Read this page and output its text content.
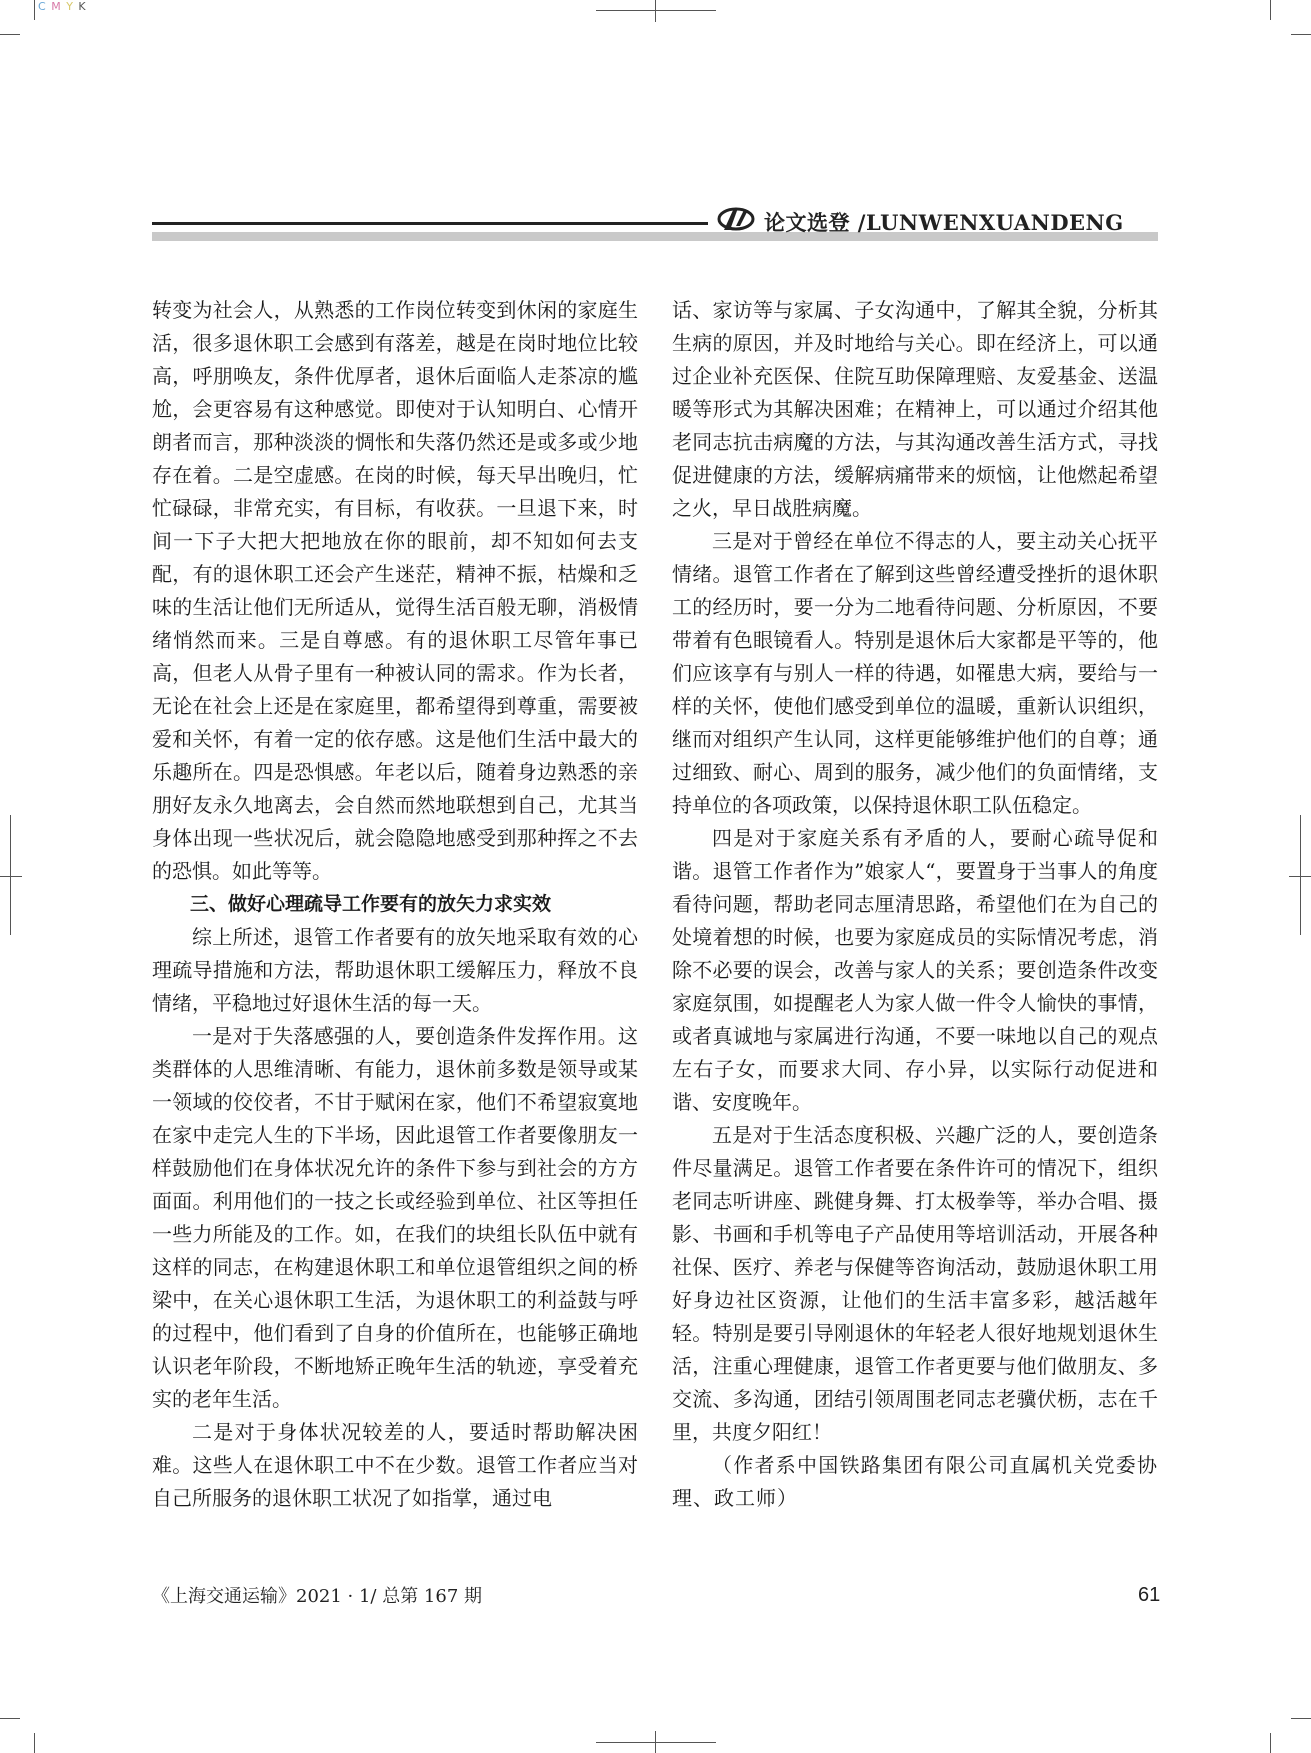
C M Y K
论文选登 /LUNWENXUANDENG

转变为社会人，从熟悉的工作岗位转变到休闲的家庭生活，很多退休职工会感到有落差，越是在岗时地位比较高，呼朋唤友，条件优厚者，退休后面临人走茶凉的尴尬，会更容易有这种感觉。即使对于认知明白、心情开朗者而言，那种淡淡的惆怅和失落仍然还是或多或少地存在着。二是空虚感。在岗的时候，每天早出晚归，忙忙碌碌，非常充实，有目标，有收获。一旦退下来，时间一下子大把大把地放在你的眼前，却不知如何去支配，有的退休职工还会产生迷茫，精神不振，枯燥和乏味的生活让他们无所适从，觉得生活百般无聊，消极情绪悄然而来。三是自尊感。有的退休职工尽管年事已高，但老人从骨子里有一种被认同的需求。作为长者，无论在社会上还是在家庭里，都希望得到尊重，需要被爱和关怀，有着一定的依存感。这是他们生活中最大的乐趣所在。四是恐惧感。年老以后，随着身边熟悉的亲朋好友永久地离去，会自然而然地联想到自己，尤其当身体出现一些状况后，就会隐隐地感受到那种挥之不去的恐惧。如此等等。

三、做好心理疏导工作要有的放矢力求实效

综上所述，退管工作者要有的放矢地采取有效的心理疏导措施和方法，帮助退休职工缓解压力，释放不良情绪，平稳地过好退休生活的每一天。

一是对于失落感强的人，要创造条件发挥作用。这类群体的人思维清晰、有能力，退休前多数是领导或某一领域的佼佼者，不甘于赋闲在家，他们不希望寂寞地在家中走完人生的下半场，因此退管工作者要像朋友一样鼓励他们在身体状况允许的条件下参与到社会的方方面面。利用他们的一技之长或经验到单位、社区等担任一些力所能及的工作。如，在我们的块组长队伍中就有这样的同志，在构建退休职工和单位退管组织之间的桥梁中，在关心退休职工生活，为退休职工的利益鼓与呼的过程中，他们看到了自身的价值所在，也能够正确地认识老年阶段，不断地矫正晚年生活的轨迹，享受着充实的老年生活。

二是对于身体状况较差的人，要适时帮助解决困难。这些人在退休职工中不在少数。退管工作者应当对自己所服务的退休职工状况了如指掌，通过电

话、家访等与家属、子女沟通中，了解其全貌，分析其生病的原因，并及时地给与关心。即在经济上，可以通过企业补充医保、住院互助保障理赔、友爱基金、送温暖等形式为其解决困难；在精神上，可以通过介绍其他老同志抗击病魔的方法，与其沟通改善生活方式，寻找促进健康的方法，缓解病痛带来的烦恼，让他燃起希望之火，早日战胜病魔。

三是对于曾经在单位不得志的人，要主动关心抚平情绪。退管工作者在了解到这些曾经遭受挫折的退休职工的经历时，要一分为二地看待问题、分析原因，不要带着有色眼镜看人。特别是退休后大家都是平等的，他们应该享有与别人一样的待遇，如罹患大病，要给与一样的关怀，使他们感受到单位的温暖，重新认识组织，继而对组织产生认同，这样更能够维护他们的自尊；通过细致、耐心、周到的服务，减少他们的负面情绪，支持单位的各项政策，以保持退休职工队伍稳定。

四是对于家庭关系有矛盾的人，要耐心疏导促和谐。退管工作者作为”娘家人“，要置身于当事人的角度看待问题，帮助老同志厘清思路，希望他们在为自己的处境着想的时候，也要为家庭成员的实际情况考虑，消除不必要的误会，改善与家人的关系；要创造条件改变家庭氛围，如提醒老人为家人做一件令人愉快的事情，或者真诚地与家属进行沟通，不要一味地以自己的观点左右子女，而要求大同、存小异，以实际行动促进和谐、安度晚年。

五是对于生活态度积极、兴趣广泛的人，要创造条件尽量满足。退管工作者要在条件许可的情况下，组织老同志听讲座、跳健身舞、打太极拳等，举办合唱、摄影、书画和手机等电子产品使用等培训活动，开展各种社保、医疗、养老与保健等咨询活动，鼓励退休职工用好身边社区资源，让他们的生活丰富多彩，越活越年轻。特别是要引导刚退休的年轻老人很好地规划退休生活，注重心理健康，退管工作者更要与他们做朋友、多交流、多沟通，团结引领周围老同志老骥伏枥，志在千里，共度夕阳红！

（作者系中国铁路集团有限公司直属机关党委协理、政工师）

《上海交通运输》2021 · 1/ 总第 167 期	61
